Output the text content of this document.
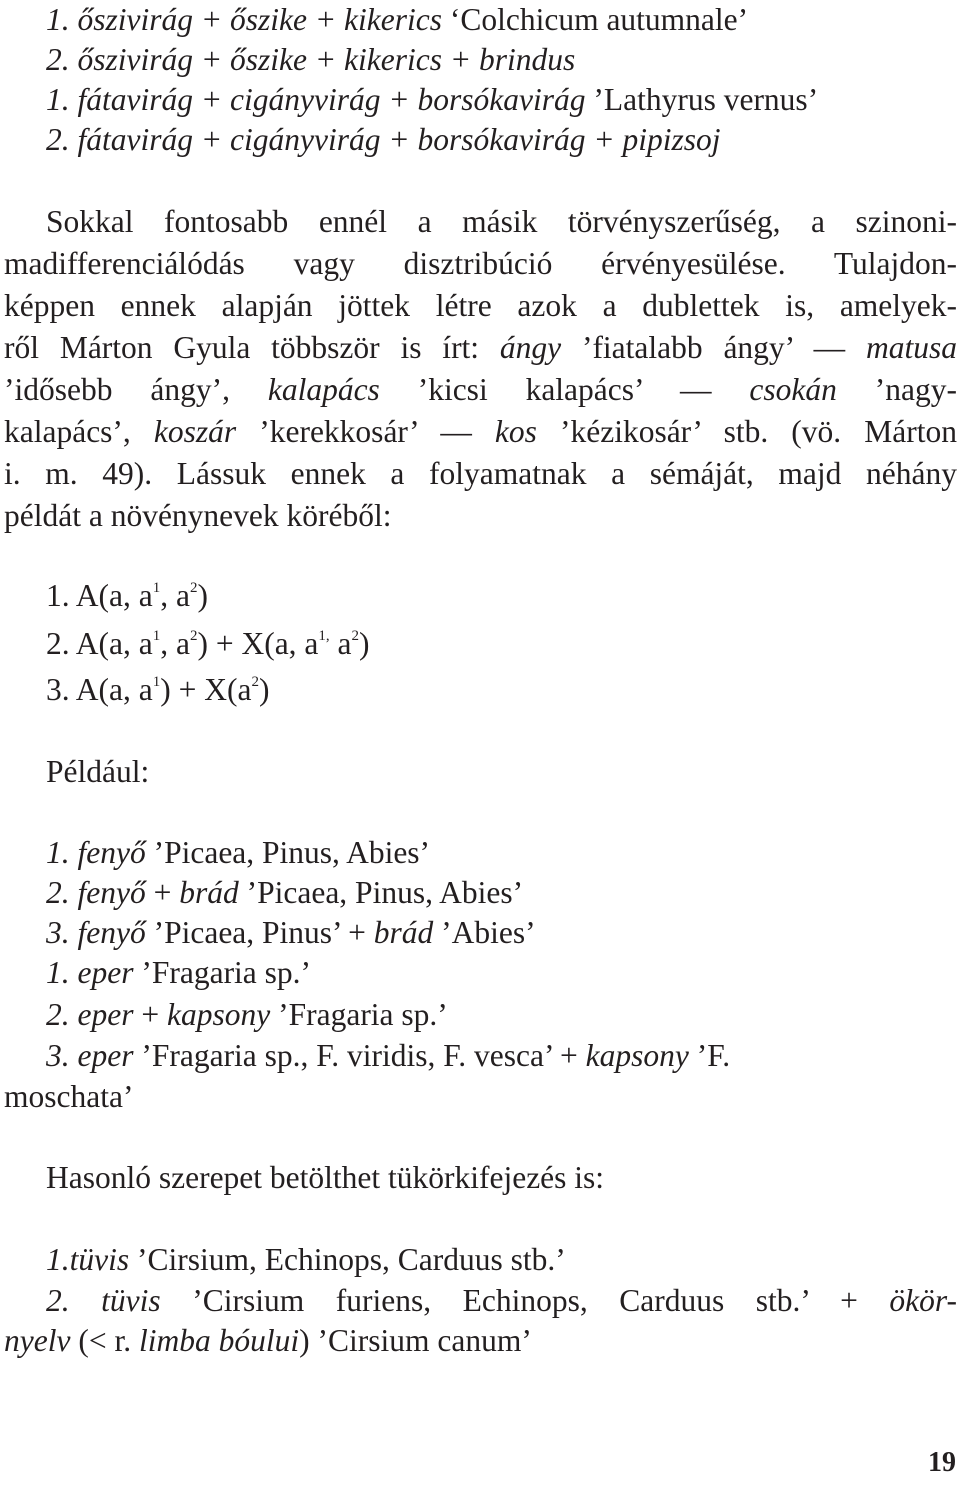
1. őszivirág + őszike + kikerics ‘Colchicum autumnale’
2. őszivirág + őszike + kikerics + brindus
1. fátavirág + cigányvirág + borsókavirág ’Lathyrus vernus’
2. fátavirág + cigányvirág + borsókavirág + pipizsoj
Sokkal fontosabb ennél a másik törvényszerűség, a szinoni-
madifferenciálódás vagy disztribúció érvényesülése. Tulajdon-
képpen ennek alapján jöttek létre azok a dublettek is, amelyek-
ről Márton Gyula többször is írt: ángy ’fiatalabb ángy’ — matusa
’idősebb ángy’, kalapács ’kicsi kalapács’ — csokán ’nagy-
kalapács’, koszár ’kerekkosár’ — kos ’kézikosár’ stb. (vö. Márton
i. m. 49). Lássuk ennek a folyamatnak a sémáját, majd néhány
példát a növénynevek köréből:
1. A(a, $a^1$, $a^2$)
2. A(a, $a^1$, $a^2) + X(a$, $a^{1,}$ $a^2$)
3. A(a, $a^1) + X(a^2)$
Például:
1. fenyő ’Picaea, Pinus, Abies’
2. fenyő + brád ’Picaea, Pinus, Abies’
3. fenyő ’Picaea, Pinus’ + brád ’Abies’
1. eper ’Fragaria sp.’
2. eper + kapsony ’Fragaria sp.’
3. eper ’Fragaria sp., F. viridis, F. vesca’ + kapsony ’F.
moschata’
Hasonló szerepet betölthet tükörkifejezés is:
1.tüvis ’Cirsium, Echinops, Carduus stb.’
2. tüvis ’Cirsium furiens, Echinops, Carduus stb.’ + ökör-
nyelv (< r. limba bóului) ’Cirsium canum’
19
